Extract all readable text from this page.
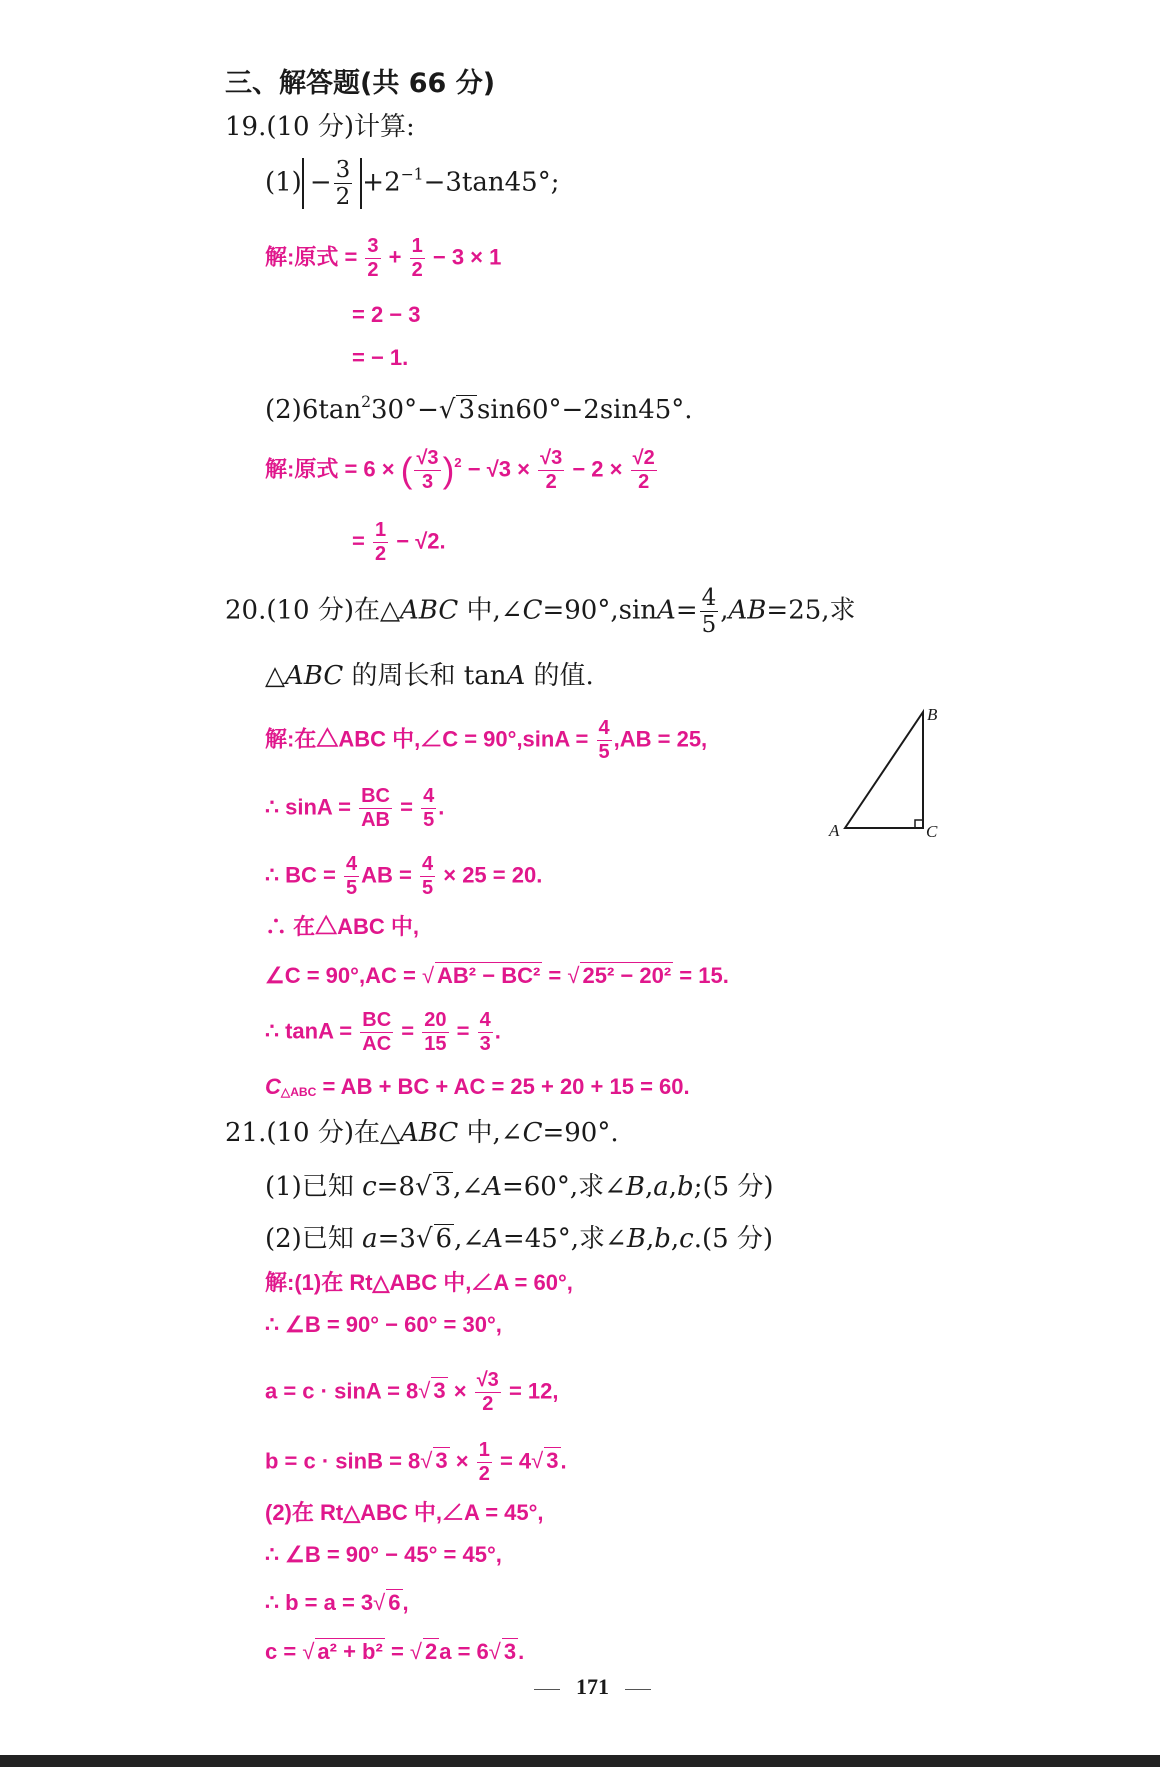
三、解答题(共 66 分)
19.(10 分)计算:
$(1) - \frac{3}{2} +2^{-1}-3\tan 45^\circ$;
解:原式 = $\frac{3}{2} + \frac{1}{2} - 3 \times 1$
= 2 − 3
= − 1.
$(2)6\tan^230^\circ-√$ 3sin60°−2sin45°.
解:原式 = 6 × ( $\frac{√3}{3} )^2 - √3 \times \frac{√3}{2} - 2 \times \frac{√2}{2}$
= $\frac{1}{2} - √2$.
20.(10 分)在△ABC 中,∠C=90°,sinA= $\frac{4}{5} ,AB=25$,求
△ABC 的周长和 tanA 的值.
A
B
C
解:在△ABC 中,∠C = $90^\circ,\sin A = \frac{4}{5} ,AB = 25$,
∴ $\sin A = \frac{BC}{AB} = \frac{4}{5}$ .
∴ BC = $\frac{4}{5}$ AB = $\frac{4}{5} \times 25 = 20$.
∴ 在△ABC 中,
∠C = 90°,AC = √ AB² − BC² = √ 25² − 20² = 15.
∴ $\tan A = \frac{BC}{AC} = \frac{20}{15} = \frac{4}{3}$ .
$C_{\triangle ABC}$ = AB + BC + AC = 25 + 20 + 15 = 60.
21.(10 分)在△ABC 中,∠C=90°.
(1)已知 c=8√ 3,∠A=60°,求∠B,a,b;(5 分)
(2)已知 a=3√ 6,∠A=45°,求∠B,b,c.(5 分)
解:(1)在 Rt△ABC 中,∠A = 60°,
∴ ∠B = 90° − 60° = 30°,
a = c · sinA = 8√ $3 \times \frac{√3}{2} = 12$,
b = c · sinB = 8√ $3 \times \frac{1}{2} = 4√$ 3.
(2)在 Rt△ABC 中,∠A = 45°,
∴ ∠B = 90° − 45° = 45°,
∴ b = a = 3√ 6,
c = √ a² + b² = √ 2a = 6√ 3.
171
